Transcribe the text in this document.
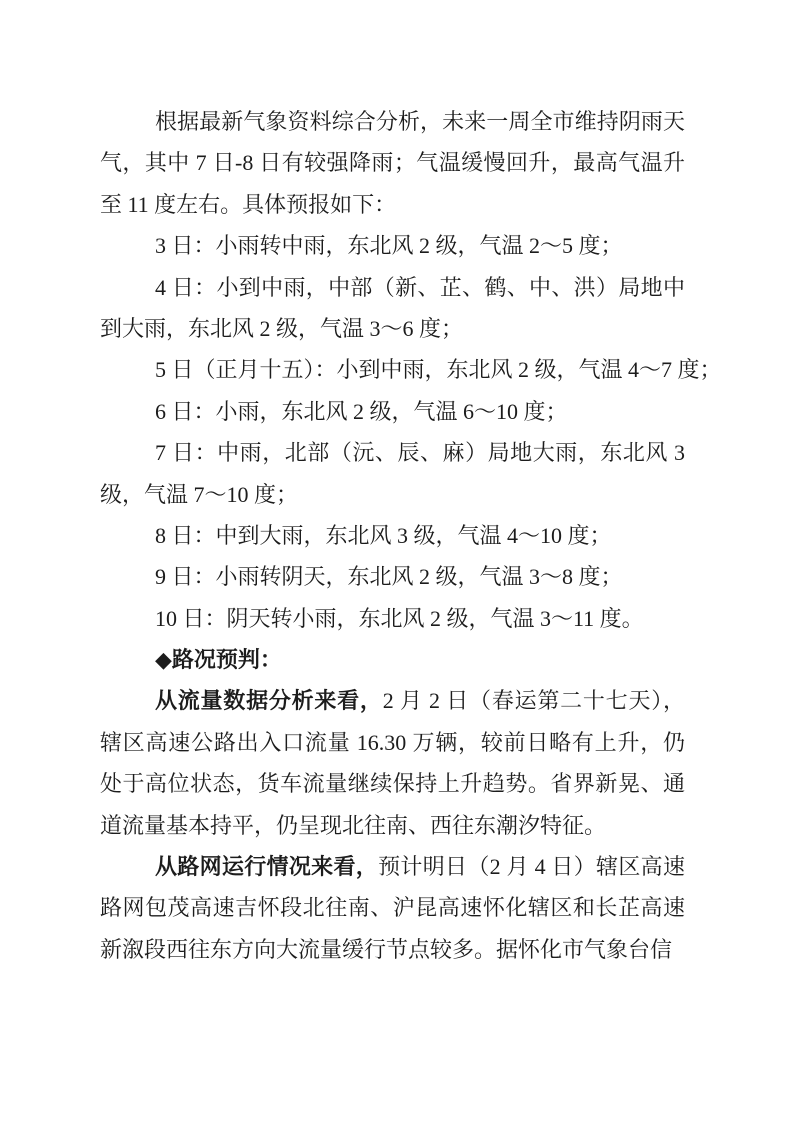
根据最新气象资料综合分析，未来一周全市维持阴雨天
气，其中 7 日-8 日有较强降雨；气温缓慢回升，最高气温升
至 11 度左右。具体预报如下：
3 日：小雨转中雨，东北风 2 级，气温 2～5 度；
4 日：小到中雨，中部（新、芷、鹤、中、洪）局地中
到大雨，东北风 2 级，气温 3～6 度；
5 日（正月十五）：小到中雨，东北风 2 级，气温 4～7 度；
6 日：小雨，东北风 2 级，气温 6～10 度；
7 日：中雨，北部（沅、辰、麻）局地大雨，东北风 3
级，气温 7～10 度；
8 日：中到大雨，东北风 3 级，气温 4～10 度；
9 日：小雨转阴天，东北风 2 级，气温 3～8 度；
10 日：阴天转小雨，东北风 2 级，气温 3～11 度。
◆路况预判：
从流量数据分析来看，2 月 2 日（春运第二十七天），
辖区高速公路出入口流量 16.30 万辆，较前日略有上升，仍
处于高位状态，货车流量继续保持上升趋势。省界新晃、通
道流量基本持平，仍呈现北往南、西往东潮汐特征。
从路网运行情况来看，预计明日（2 月 4 日）辖区高速
路网包茂高速吉怀段北往南、沪昆高速怀化辖区和长芷高速
新溆段西往东方向大流量缓行节点较多。据怀化市气象台信
